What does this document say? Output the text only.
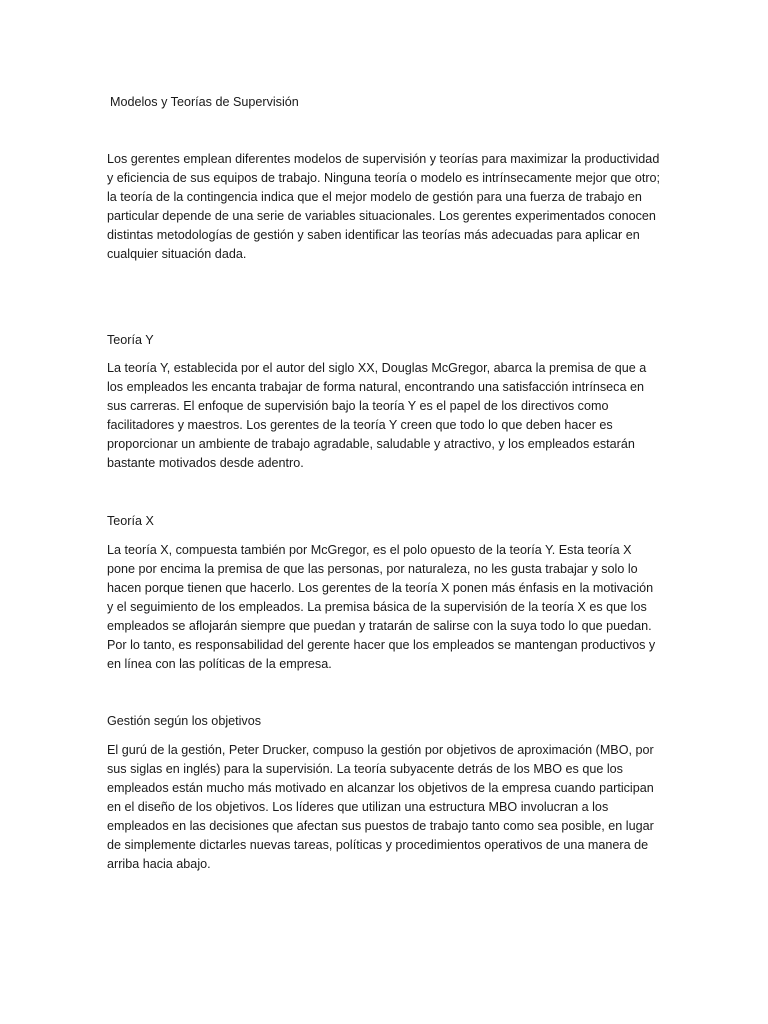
Modelos y Teorías de Supervisión

Los gerentes emplean diferentes modelos de supervisión y teorías para maximizar la productividad y eficiencia de sus equipos de trabajo. Ninguna teoría o modelo es intrínsecamente mejor que otro; la teoría de la contingencia indica que el mejor modelo de gestión para una fuerza de trabajo en particular depende de una serie de variables situacionales. Los gerentes experimentados conocen distintas metodologías de gestión y saben identificar las teorías más adecuadas para aplicar en cualquier situación dada.

Teoría Y

La teoría Y, establecida por el autor del siglo XX, Douglas McGregor, abarca la premisa de que a los empleados les encanta trabajar de forma natural, encontrando una satisfacción intrínseca en sus carreras. El enfoque de supervisión bajo la teoría Y es el papel de los directivos como facilitadores y maestros. Los gerentes de la teoría Y creen que todo lo que deben hacer es proporcionar un ambiente de trabajo agradable, saludable y atractivo, y los empleados estarán bastante motivados desde adentro.

Teoría X

La teoría X, compuesta también por McGregor, es el polo opuesto de la teoría Y. Esta teoría X pone por encima la premisa de que las personas, por naturaleza, no les gusta trabajar y solo lo hacen porque tienen que hacerlo. Los gerentes de la teoría X ponen más énfasis en la motivación y el seguimiento de los empleados. La premisa básica de la supervisión de la teoría X es que los empleados se aflojarán siempre que puedan y tratarán de salirse con la suya todo lo que puedan. Por lo tanto, es responsabilidad del gerente hacer que los empleados se mantengan productivos y en línea con las políticas de la empresa.

Gestión según los objetivos

El gurú de la gestión, Peter Drucker, compuso la gestión por objetivos de aproximación (MBO, por sus siglas en inglés) para la supervisión. La teoría subyacente detrás de los MBO es que los empleados están mucho más motivado en alcanzar los objetivos de la empresa cuando participan en el diseño de los objetivos. Los líderes que utilizan una estructura MBO involucran a los empleados en las decisiones que afectan sus puestos de trabajo tanto como sea posible, en lugar de simplemente dictarles nuevas tareas, políticas y procedimientos operativos de una manera de arriba hacia abajo.
